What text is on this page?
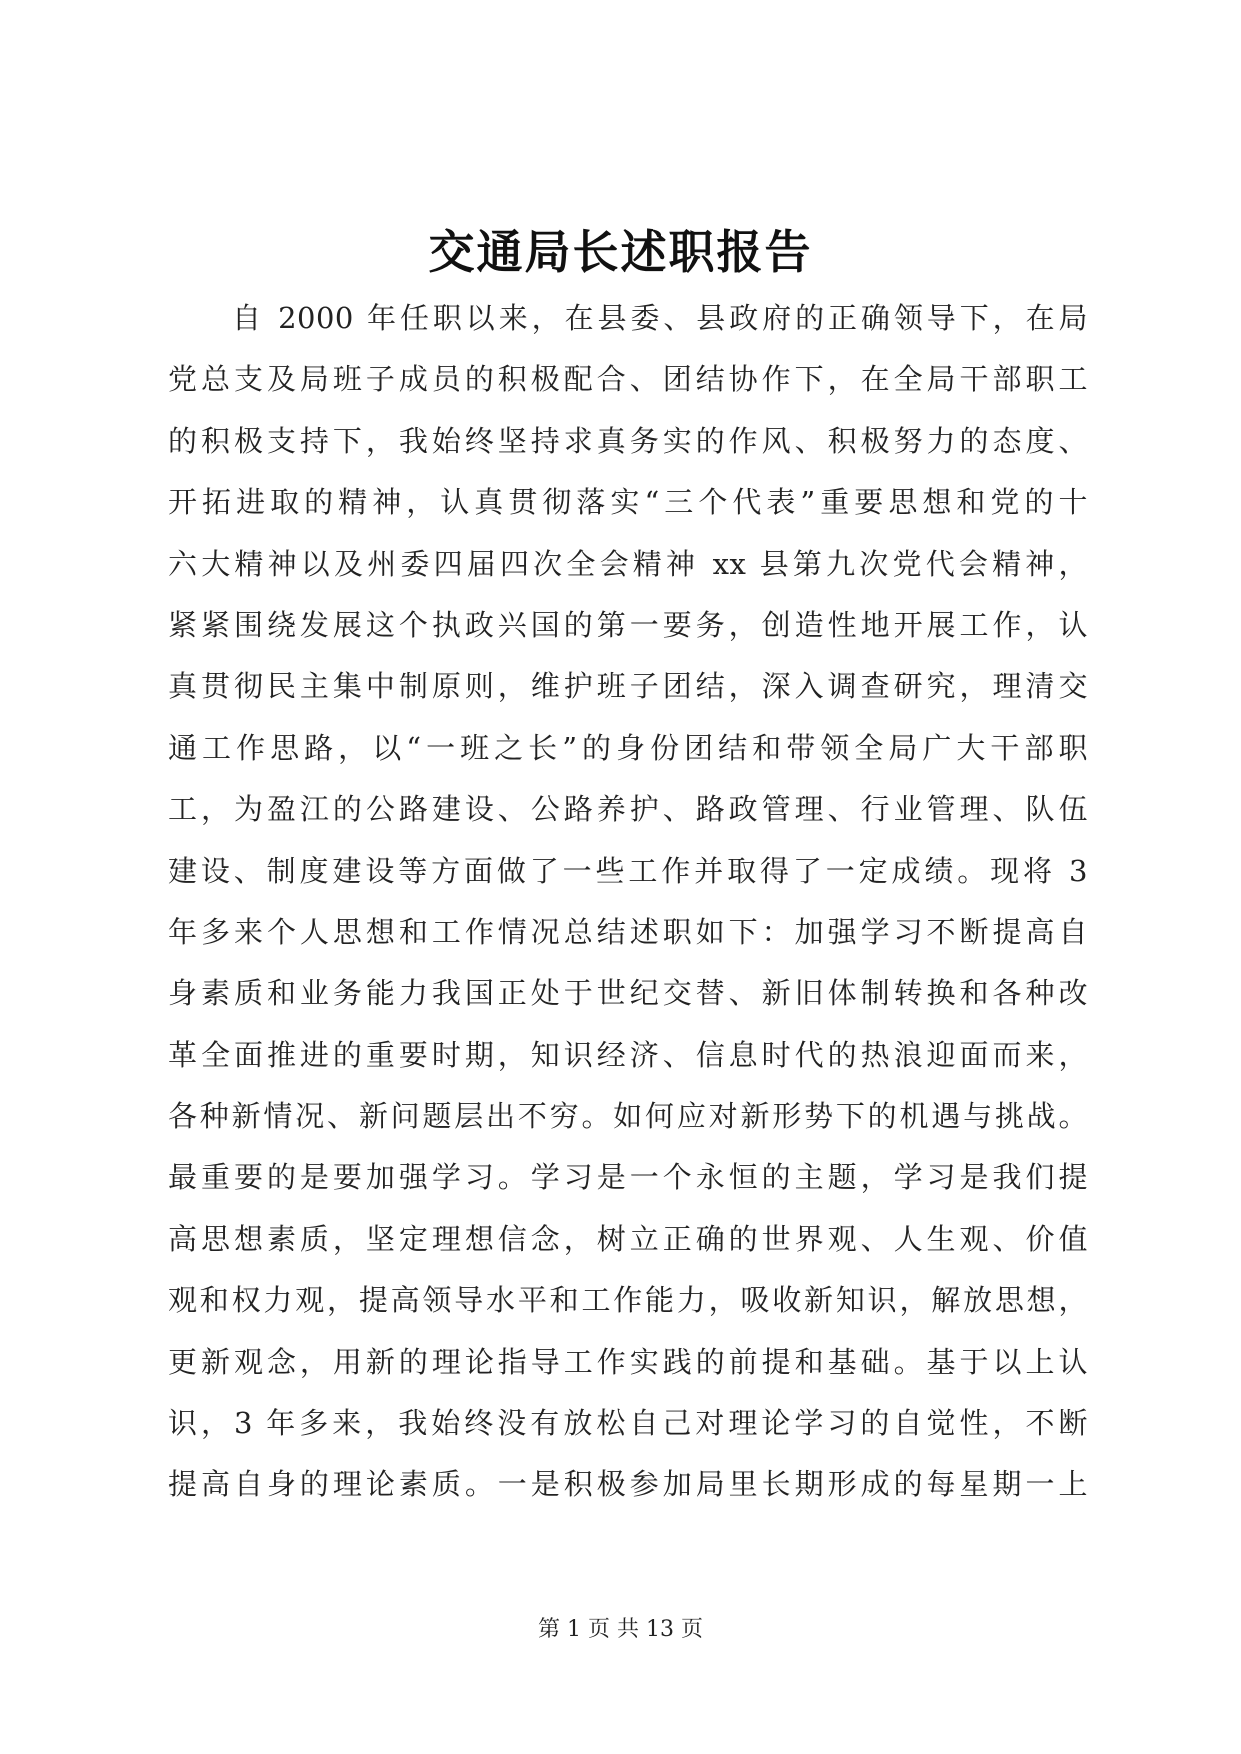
交通局长述职报告
自 2000 年任职以来，在县委、县政府的正确领导下，在局
党总支及局班子成员的积极配合、团结协作下，在全局干部职工
的积极支持下，我始终坚持求真务实的作风、积极努力的态度、
开拓进取的精神，认真贯彻落实“三个代表”重要思想和党的十
六大精神以及州委四届四次全会精神 xx 县第九次党代会精神，
紧紧围绕发展这个执政兴国的第一要务，创造性地开展工作，认
真贯彻民主集中制原则，维护班子团结，深入调查研究，理清交
通工作思路，以“一班之长”的身份团结和带领全局广大干部职
工，为盈江的公路建设、公路养护、路政管理、行业管理、队伍
建设、制度建设等方面做了一些工作并取得了一定成绩。现将 3
年多来个人思想和工作情况总结述职如下：加强学习不断提高自
身素质和业务能力我国正处于世纪交替、新旧体制转换和各种改
革全面推进的重要时期，知识经济、信息时代的热浪迎面而来，
各种新情况、新问题层出不穷。如何应对新形势下的机遇与挑战。
最重要的是要加强学习。学习是一个永恒的主题，学习是我们提
高思想素质，坚定理想信念，树立正确的世界观、人生观、价值
观和权力观，提高领导水平和工作能力，吸收新知识，解放思想，
更新观念，用新的理论指导工作实践的前提和基础。基于以上认
识，3 年多来，我始终没有放松自己对理论学习的自觉性，不断
提高自身的理论素质。一是积极参加局里长期形成的每星期一上
第 1 页 共 13 页
